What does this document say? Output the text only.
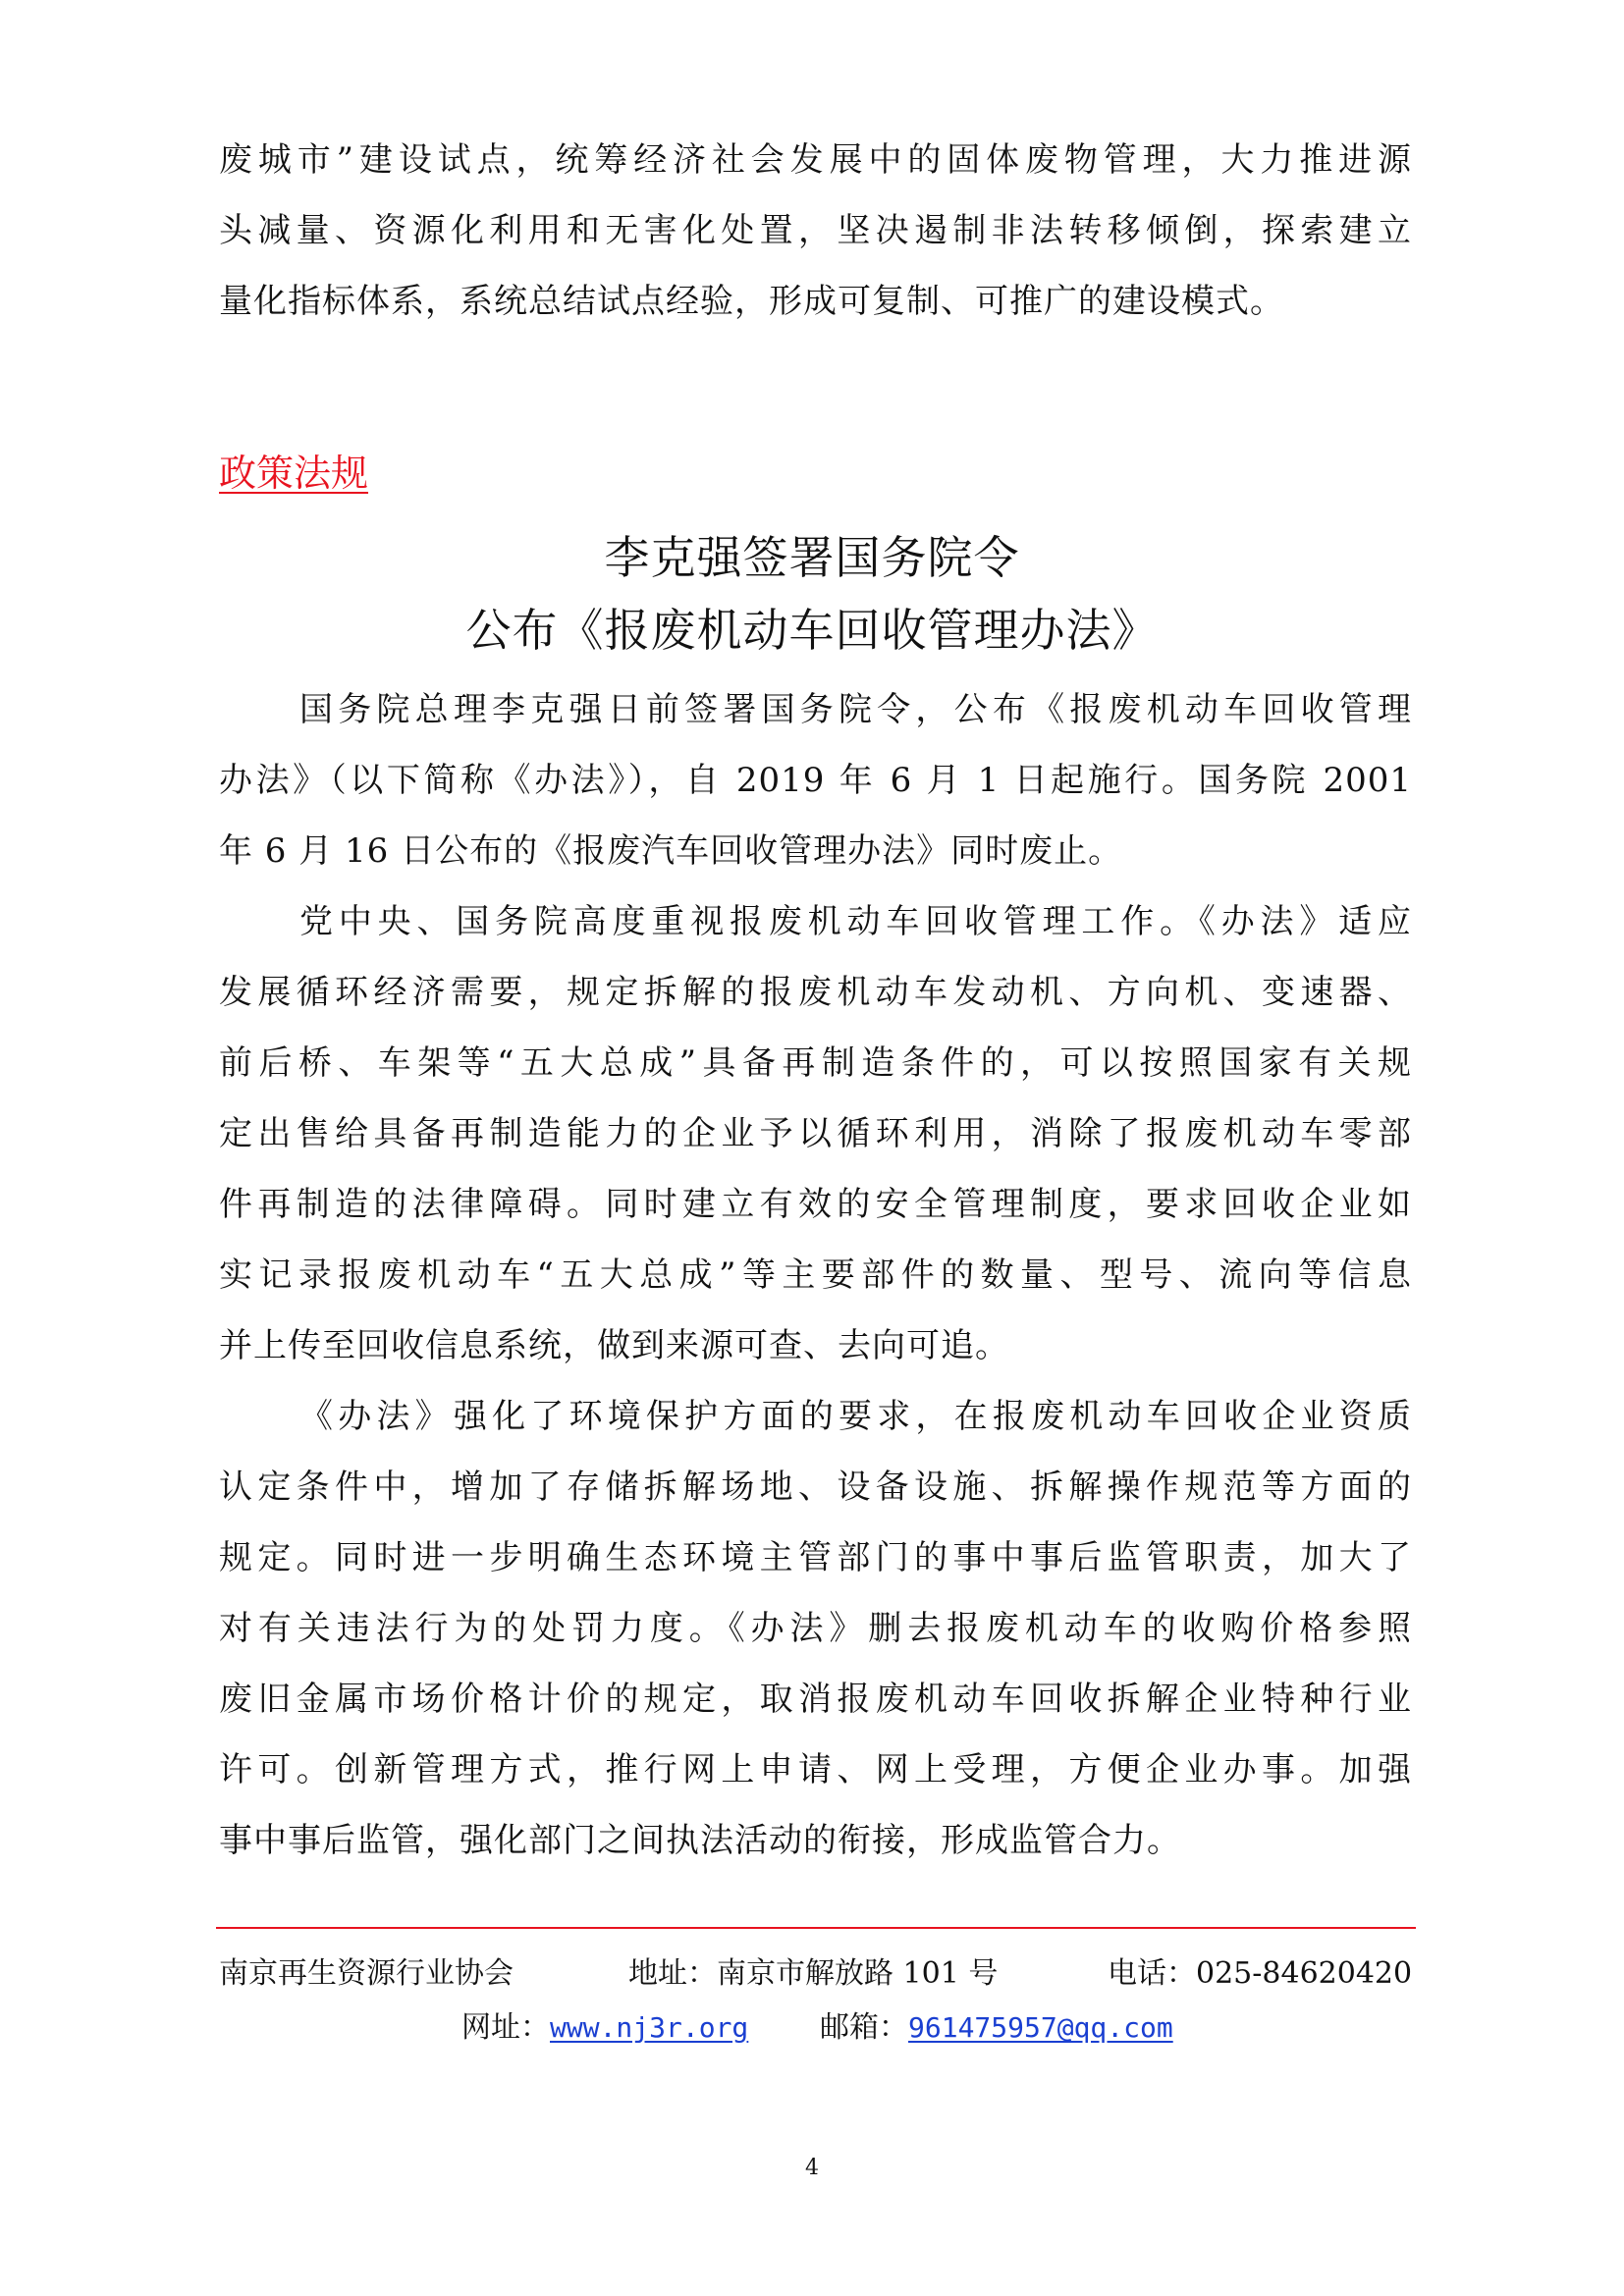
废城市”建设试点，统筹经济社会发展中的固体废物管理，大力推进源
头减量、资源化利用和无害化处置，坚决遏制非法转移倾倒，探索建立
量化指标体系，系统总结试点经验，形成可复制、可推广的建设模式。
政策法规
李克强签署国务院令
公布《报废机动车回收管理办法》
国务院总理李克强日前签署国务院令，公布《报废机动车回收管理
办法》（以下简称《办法》），自 2019 年 6 月 1 日起施行。国务院 2001
年 6 月 16 日公布的《报废汽车回收管理办法》同时废止。
党中央、国务院高度重视报废机动车回收管理工作。《办法》适应
发展循环经济需要，规定拆解的报废机动车发动机、方向机、变速器、
前后桥、车架等“五大总成”具备再制造条件的，可以按照国家有关规
定出售给具备再制造能力的企业予以循环利用，消除了报废机动车零部
件再制造的法律障碍。同时建立有效的安全管理制度，要求回收企业如
实记录报废机动车“五大总成”等主要部件的数量、型号、流向等信息
并上传至回收信息系统，做到来源可查、去向可追。
《办法》强化了环境保护方面的要求，在报废机动车回收企业资质
认定条件中，增加了存储拆解场地、设备设施、拆解操作规范等方面的
规定。同时进一步明确生态环境主管部门的事中事后监管职责，加大了
对有关违法行为的处罚力度。《办法》删去报废机动车的收购价格参照
废旧金属市场价格计价的规定，取消报废机动车回收拆解企业特种行业
许可。创新管理方式，推行网上申请、网上受理，方便企业办事。加强
事中事后监管，强化部门之间执法活动的衔接，形成监管合力。
南京再生资源行业协会	地址：南京市解放路 101 号	电话：025-84620420
网址：www.nj3r.org 邮箱：961475957@qq.com
4
